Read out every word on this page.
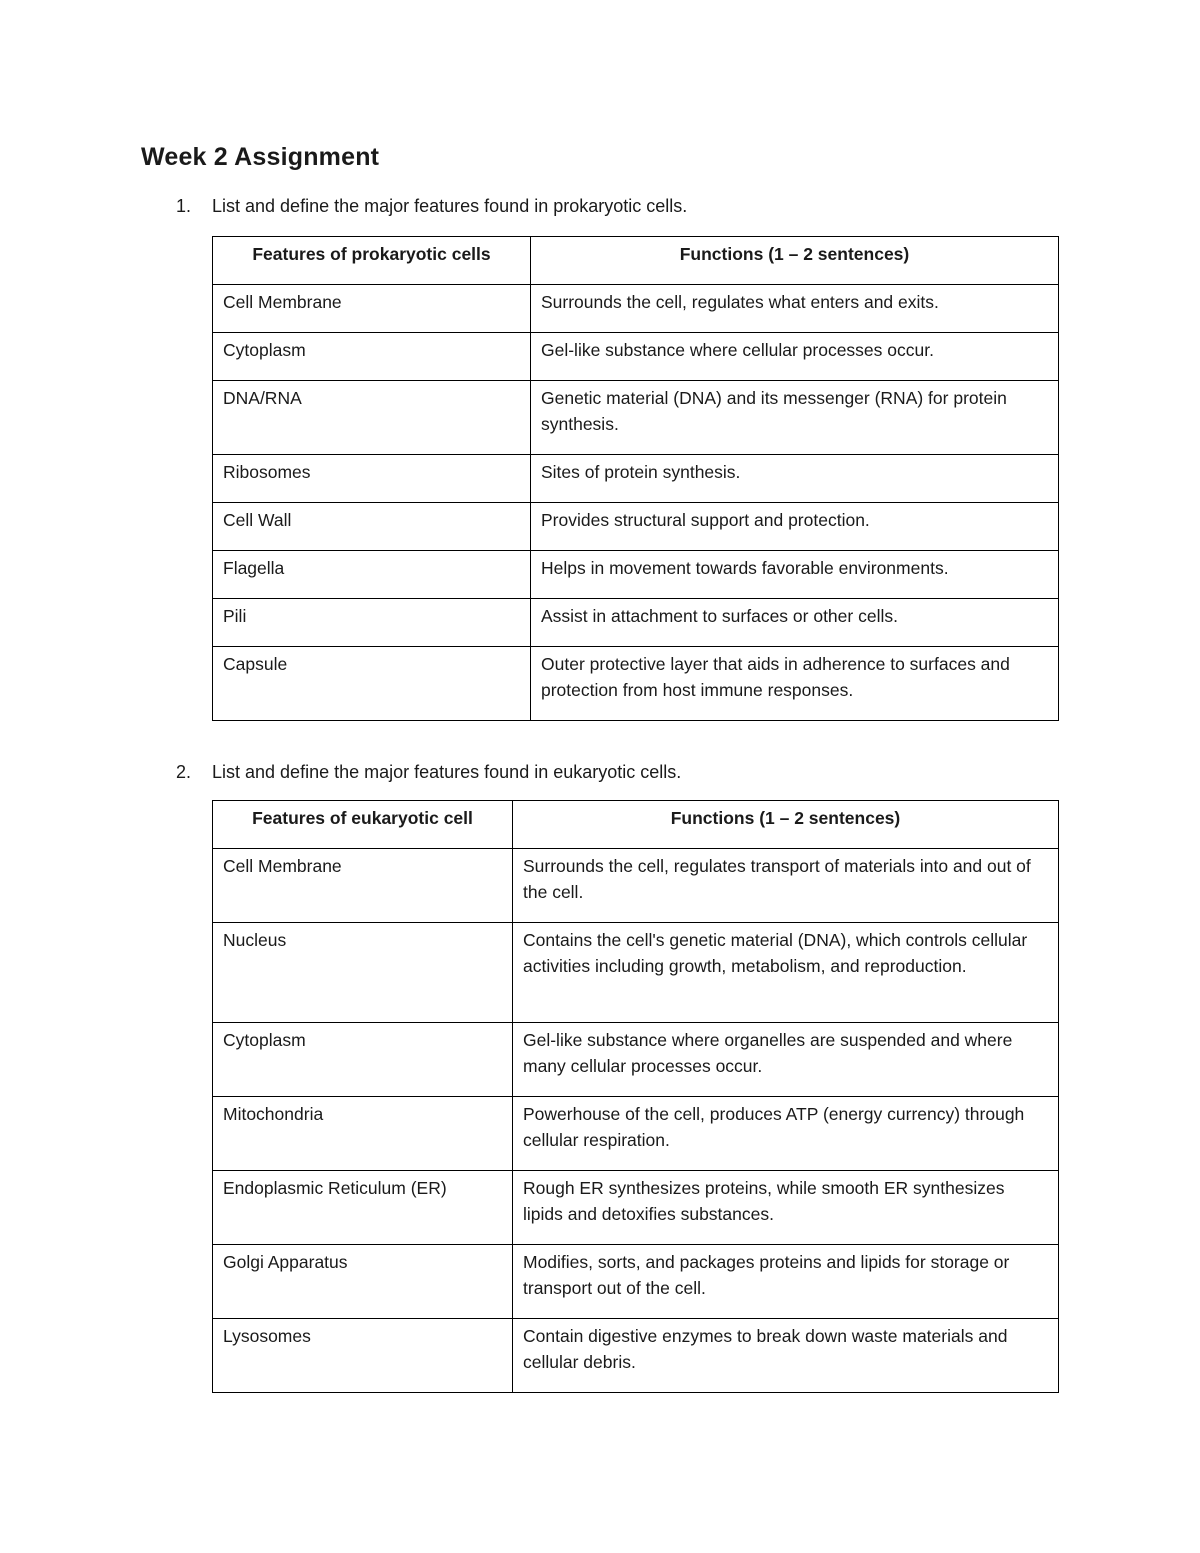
Week 2 Assignment

1. List and define the major features found in prokaryotic cells.

Features of prokaryotic cells	Functions (1 – 2 sentences)
Cell Membrane	Surrounds the cell, regulates what enters and exits.
Cytoplasm	Gel-like substance where cellular processes occur.
DNA/RNA	Genetic material (DNA) and its messenger (RNA) for protein synthesis.
Ribosomes	Sites of protein synthesis.
Cell Wall	Provides structural support and protection.
Flagella	Helps in movement towards favorable environments.
Pili	Assist in attachment to surfaces or other cells.
Capsule	Outer protective layer that aids in adherence to surfaces and protection from host immune responses.

2. List and define the major features found in eukaryotic cells.

Features of eukaryotic cell	Functions (1 – 2 sentences)
Cell Membrane	Surrounds the cell, regulates transport of materials into and out of the cell.
Nucleus	Contains the cell's genetic material (DNA), which controls cellular activities including growth, metabolism, and reproduction.
Cytoplasm	Gel-like substance where organelles are suspended and where many cellular processes occur.
Mitochondria	Powerhouse of the cell, produces ATP (energy currency) through cellular respiration.
Endoplasmic Reticulum (ER)	Rough ER synthesizes proteins, while smooth ER synthesizes lipids and detoxifies substances.
Golgi Apparatus	Modifies, sorts, and packages proteins and lipids for storage or transport out of the cell.
Lysosomes	Contain digestive enzymes to break down waste materials and cellular debris.
